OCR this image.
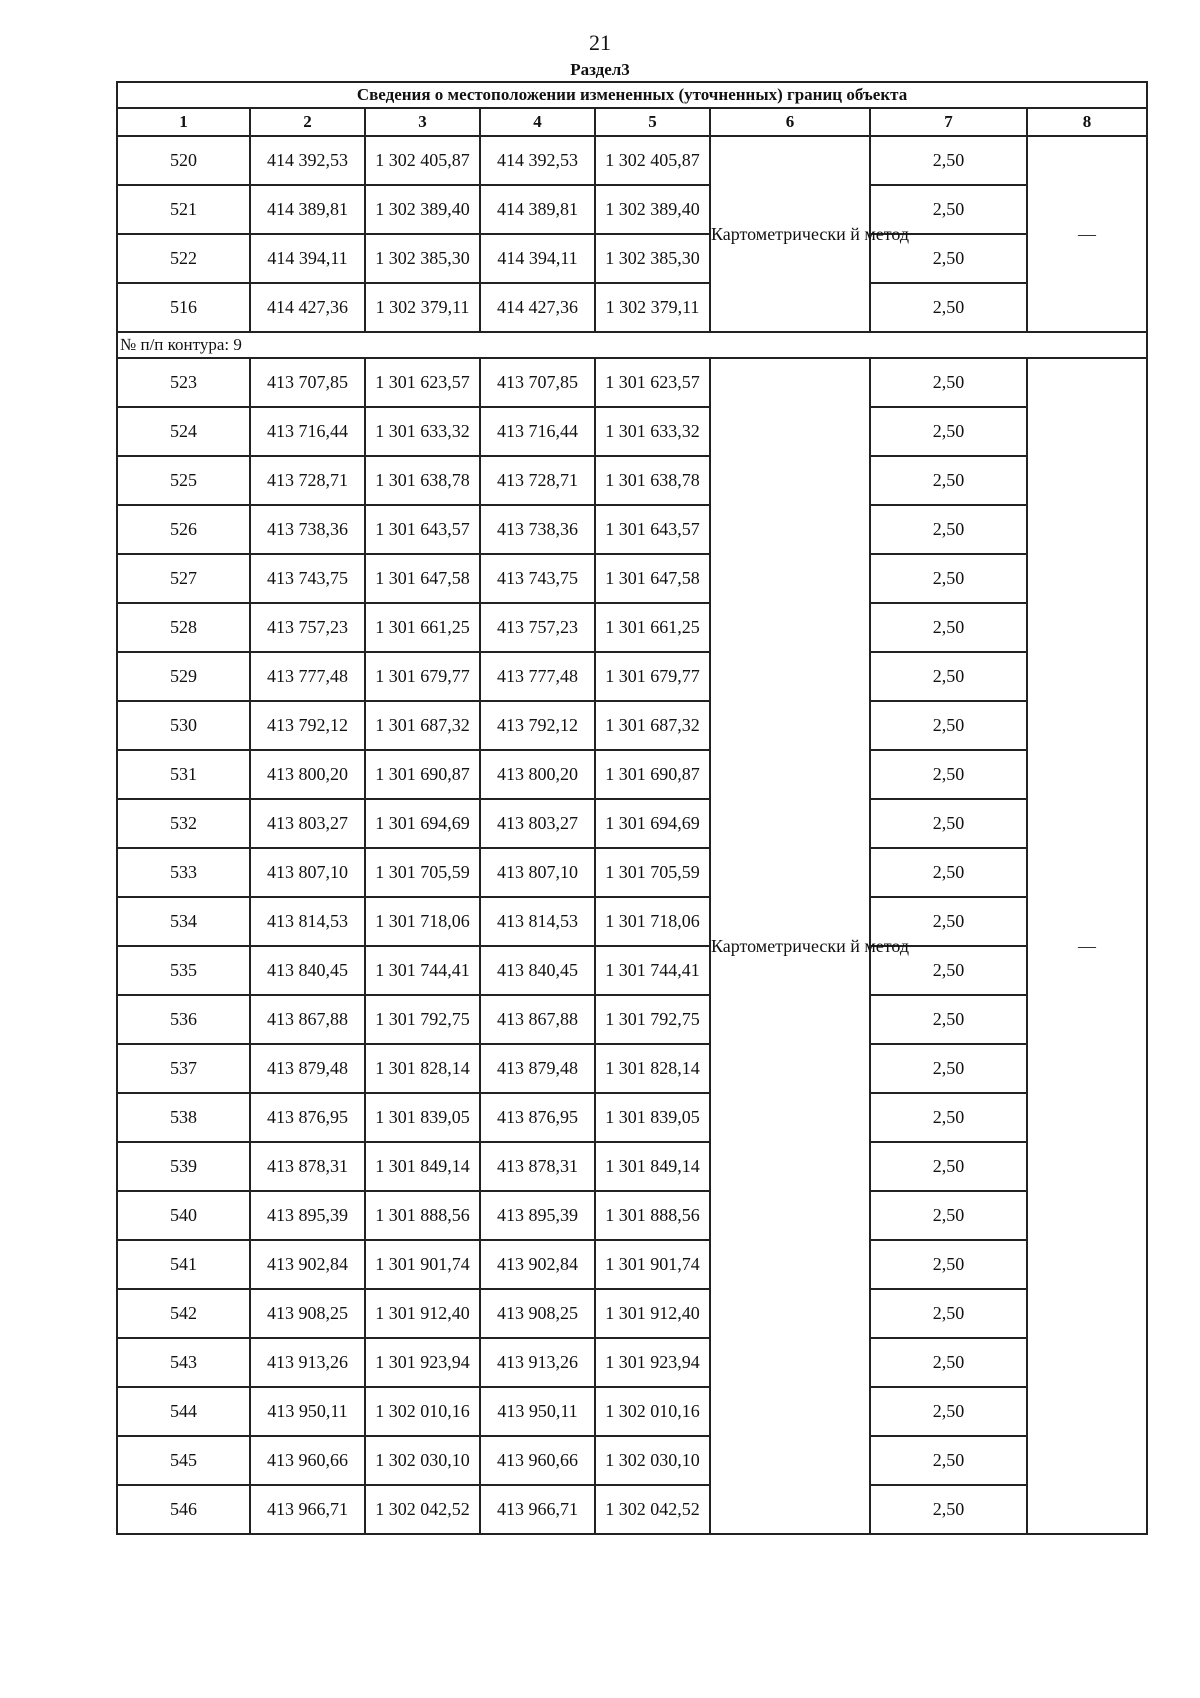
21
Раздел3
Сведения о местоположении измененных (уточненных) границ объекта							
1	2	3	4	5	6	7	8
520	414 392,53	1 302 405,87	414 392,53	1 302 405,87	Картометрически й метод	2,50	—
521	414 389,81	1 302 389,40	414 389,81	1 302 389,40		2,50	
522	414 394,11	1 302 385,30	414 394,11	1 302 385,30		2,50	
516	414 427,36	1 302 379,11	414 427,36	1 302 379,11		2,50	
№ п/п контура: 9							
523	413 707,85	1 301 623,57	413 707,85	1 301 623,57	Картометрически й метод	2,50	—
524	413 716,44	1 301 633,32	413 716,44	1 301 633,32		2,50	
525	413 728,71	1 301 638,78	413 728,71	1 301 638,78		2,50	
526	413 738,36	1 301 643,57	413 738,36	1 301 643,57		2,50	
527	413 743,75	1 301 647,58	413 743,75	1 301 647,58		2,50	
528	413 757,23	1 301 661,25	413 757,23	1 301 661,25		2,50	
529	413 777,48	1 301 679,77	413 777,48	1 301 679,77		2,50	
530	413 792,12	1 301 687,32	413 792,12	1 301 687,32		2,50	
531	413 800,20	1 301 690,87	413 800,20	1 301 690,87		2,50	
532	413 803,27	1 301 694,69	413 803,27	1 301 694,69		2,50	
533	413 807,10	1 301 705,59	413 807,10	1 301 705,59		2,50	
534	413 814,53	1 301 718,06	413 814,53	1 301 718,06		2,50	
535	413 840,45	1 301 744,41	413 840,45	1 301 744,41		2,50	
536	413 867,88	1 301 792,75	413 867,88	1 301 792,75		2,50	
537	413 879,48	1 301 828,14	413 879,48	1 301 828,14		2,50	
538	413 876,95	1 301 839,05	413 876,95	1 301 839,05		2,50	
539	413 878,31	1 301 849,14	413 878,31	1 301 849,14		2,50	
540	413 895,39	1 301 888,56	413 895,39	1 301 888,56		2,50	
541	413 902,84	1 301 901,74	413 902,84	1 301 901,74		2,50	
542	413 908,25	1 301 912,40	413 908,25	1 301 912,40		2,50	
543	413 913,26	1 301 923,94	413 913,26	1 301 923,94		2,50	
544	413 950,11	1 302 010,16	413 950,11	1 302 010,16		2,50	
545	413 960,66	1 302 030,10	413 960,66	1 302 030,10		2,50	
546	413 966,71	1 302 042,52	413 966,71	1 302 042,52		2,50	
